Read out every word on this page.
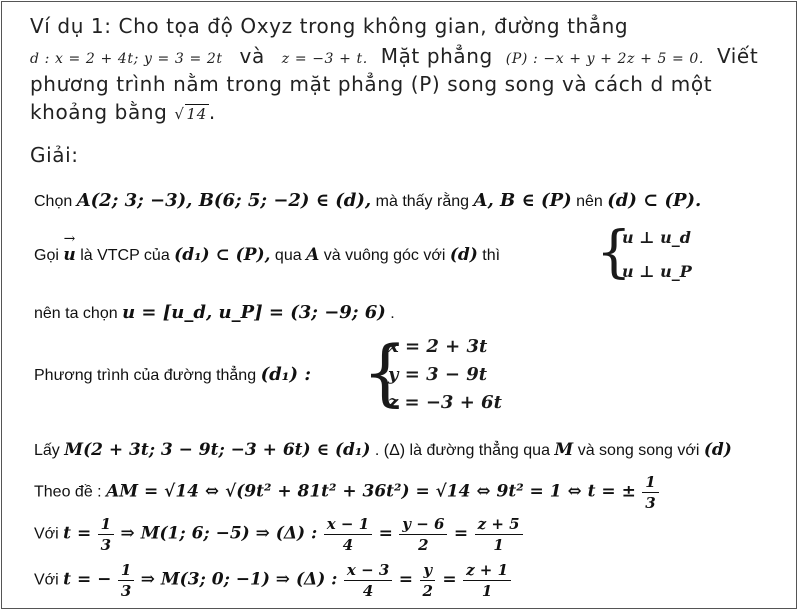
Ví dụ 1: Cho tọa độ Oxyz trong không gian, đường thẳng
d : x = 2 + 4t; y = 3 = 2t và z = −3 + t. Mặt phẳng (P) : −x + y + 2z + 5 = 0. Viết
phương trình nằm trong mặt phẳng (P) song song và cách d một
khoảng bằng √ 14 .
Giải:
Chọn A(2; 3; −3), B(6; 5; −2) ∈ (d), mà thấy rằng A, B ∈ (P) nên (d) ⊂ (P).
Gọi → u là VTCP của (d₁) ⊂ (P), qua A và vuông góc với (d) thì {
u ⊥ u_d
u ⊥ u_P
nên ta chọn u = [u_d, u_P] = (3; −9; 6) .
Phương trình của đường thẳng (d₁) : {
x = 2 + 3t
y = 3 − 9t
z = −3 + 6t
Lấy M(2 + 3t; 3 − 9t; −3 + 6t) ∈ (d₁) . (Δ) là đường thẳng qua M và song song với (d)
Theo đề : AM = √14 ⇔ √(9t² + 81t² + 36t²) = √14 ⇔ 9t² = 1 ⇔ t = ± $\frac{1}{3}$
Với $t = \frac{1}{3}$ ⇒ M(1; 6; −5) ⇒ (Δ) : $\frac{x - 1}{4} = \frac{y - 6}{2} = \frac{z + 5}{1}$
Với t = − $\frac{1}{3}$ ⇒ M(3; 0; −1) ⇒ (Δ) : $\frac{x - 3}{4} = \frac{y}{2} = \frac{z + 1}{1}$
